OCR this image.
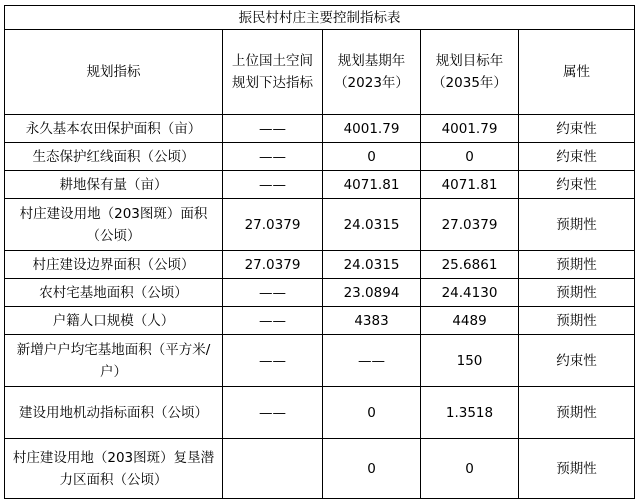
振民村村庄主要控制指标表				
规划指标	上位国土空间规划下达指标	规划基期年（2023年）	规划目标年（2035年）	属性
永久基本农田保护面积（亩）	——	4001.79	4001.79	约束性
生态保护红线面积（公顷）	——	0	0	约束性
耕地保有量（亩）	——	4071.81	4071.81	约束性
村庄建设用地（203图斑）面积（公顷）	27.0379	24.0315	27.0379	预期性
村庄建设边界面积（公顷）	27.0379	24.0315	25.6861	预期性
农村宅基地面积（公顷）	——	23.0894	24.4130	预期性
户籍人口规模（人）	——	4383	4489	预期性
新增户户均宅基地面积（平方米/户）	——	——	150	约束性
建设用地机动指标面积（公顷）	——	0	1.3518	预期性
村庄建设用地（203图斑）复垦潜力区面积（公顷）		0	0	预期性
